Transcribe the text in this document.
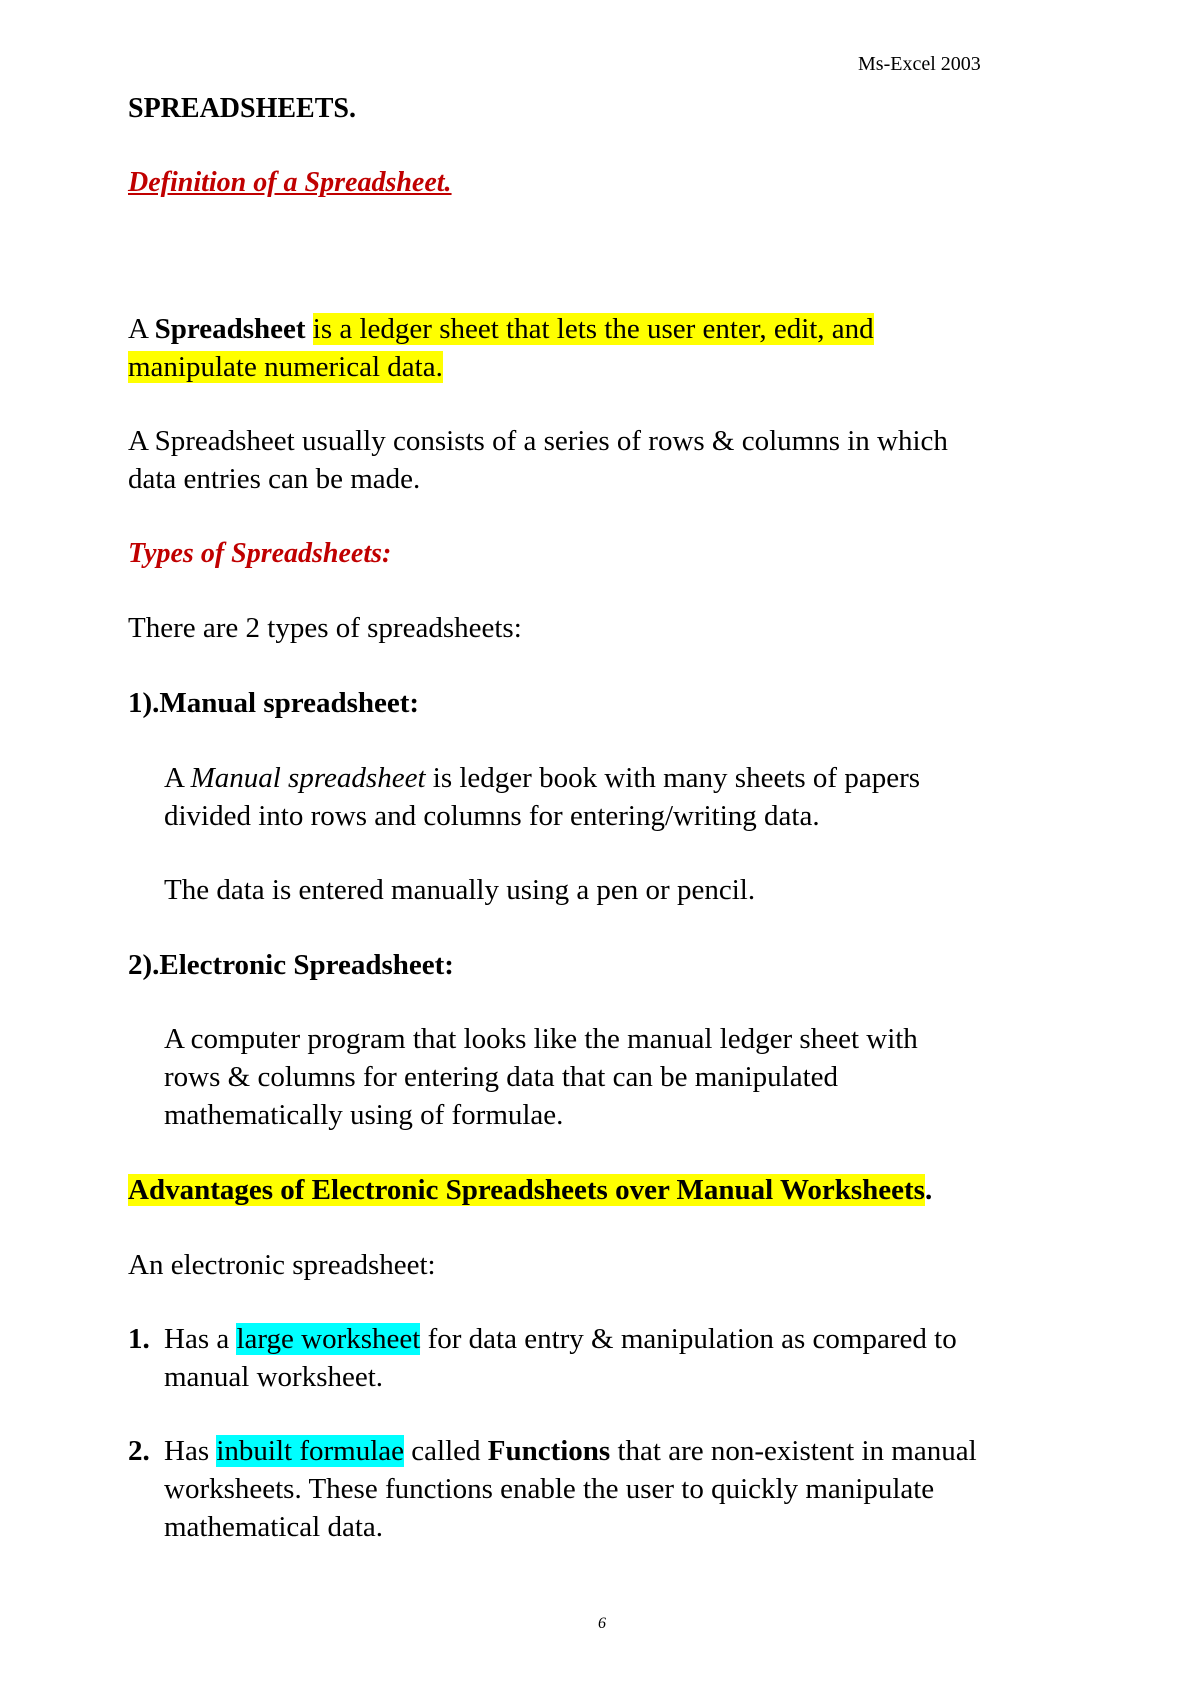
Ms-Excel 2003
SPREADSHEETS.
Definition of a Spreadsheet.
A Spreadsheet is a ledger sheet that lets the user enter, edit, and
manipulate numerical data.
A Spreadsheet usually consists of a series of rows & columns in which
data entries can be made.
Types of Spreadsheets:
There are 2 types of spreadsheets:
1).Manual spreadsheet:
A Manual spreadsheet is ledger book with many sheets of papers
divided into rows and columns for entering/writing data.
The data is entered manually using a pen or pencil.
2).Electronic Spreadsheet:
A computer program that looks like the manual ledger sheet with
rows & columns for entering data that can be manipulated
mathematically using of formulae.
Advantages of Electronic Spreadsheets over Manual Worksheets.
An electronic spreadsheet:
1. Has a large worksheet for data entry & manipulation as compared to
manual worksheet.
2. Has inbuilt formulae called Functions that are non-existent in manual
worksheets. These functions enable the user to quickly manipulate
mathematical data.
6
